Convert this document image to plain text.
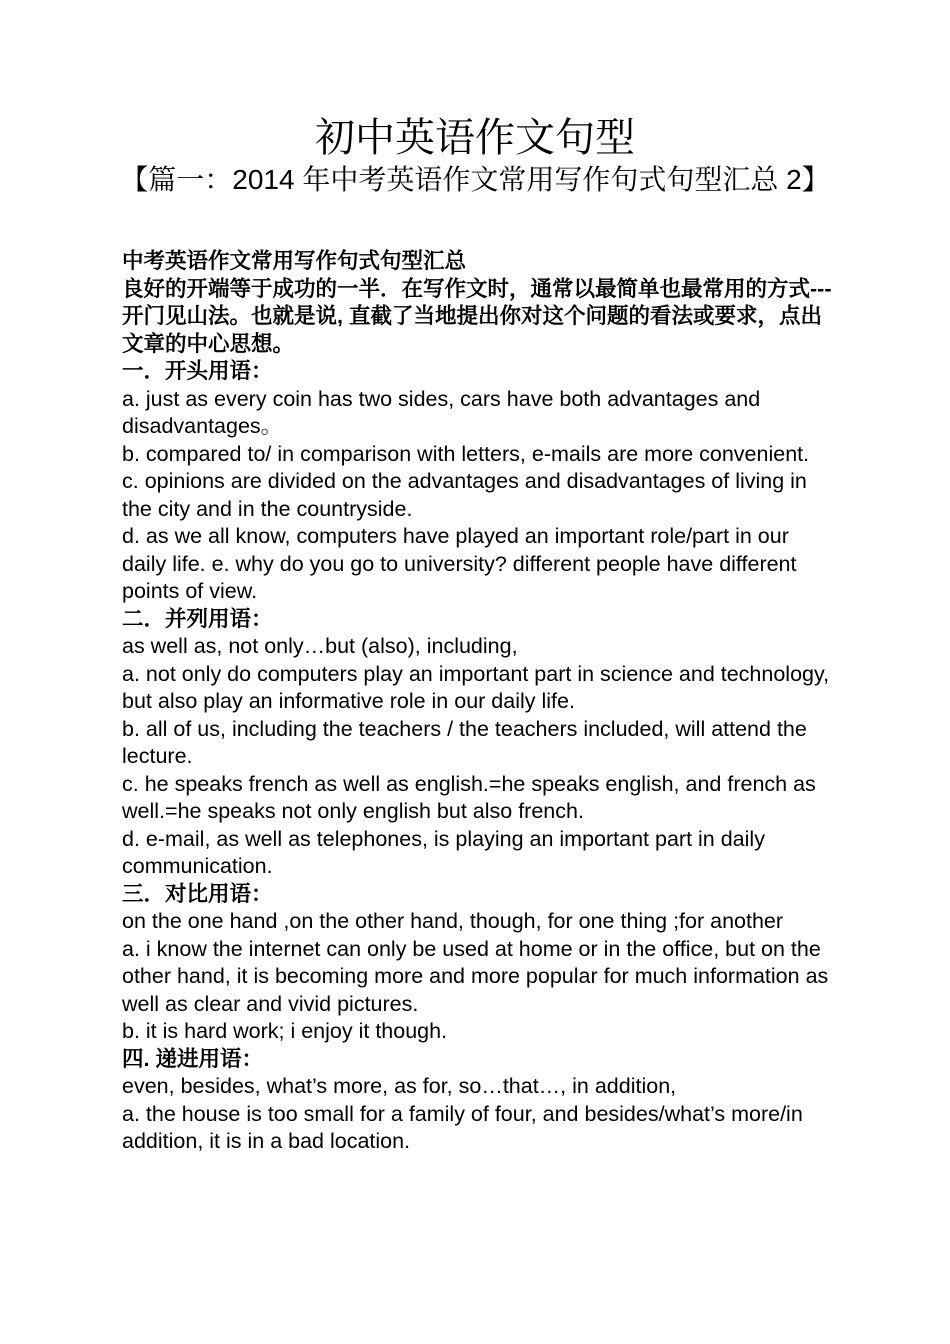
初中英语作文句型
【篇一：2014 年中考英语作文常用写作句式句型汇总 2】

中考英语作文常用写作句式句型汇总

良好的开端等于成功的一半．在写作文时，通常以最简单也最常用的方式---开门见山法。也就是说, 直截了当地提出你对这个问题的看法或要求，点出文章的中心思想。

一．开头用语：

a. just as every coin has two sides, cars have both advantages and disadvantages。

b. compared to/ in comparison with letters, e-mails are more convenient.

c. opinions are divided on the advantages and disadvantages of living in the city and in the countryside.

d. as we all know, computers have played an important role/part in our daily life. e. why do you go to university? different people have different points of view.

二．并列用语：

as well as, not only…but (also), including,

a. not only do computers play an important part in science and technology, but also play an informative role in our daily life.

b. all of us, including the teachers / the teachers included, will attend the lecture.

c. he speaks french as well as english.=he speaks english, and french as well.=he speaks not only english but also french.

d. e-mail, as well as telephones, is playing an important part in daily communication.

三．对比用语：

on the one hand ,on the other hand, though, for one thing ;for another

a. i know the internet can only be used at home or in the office, but on the other hand, it is becoming more and more popular for much information as well as clear and vivid pictures.

b. it is hard work; i enjoy it though.

四. 递进用语：

even, besides, what’s more, as for, so…that…, in addition,

a. the house is too small for a family of four, and besides/what’s more/in addition, it is in a bad location.
